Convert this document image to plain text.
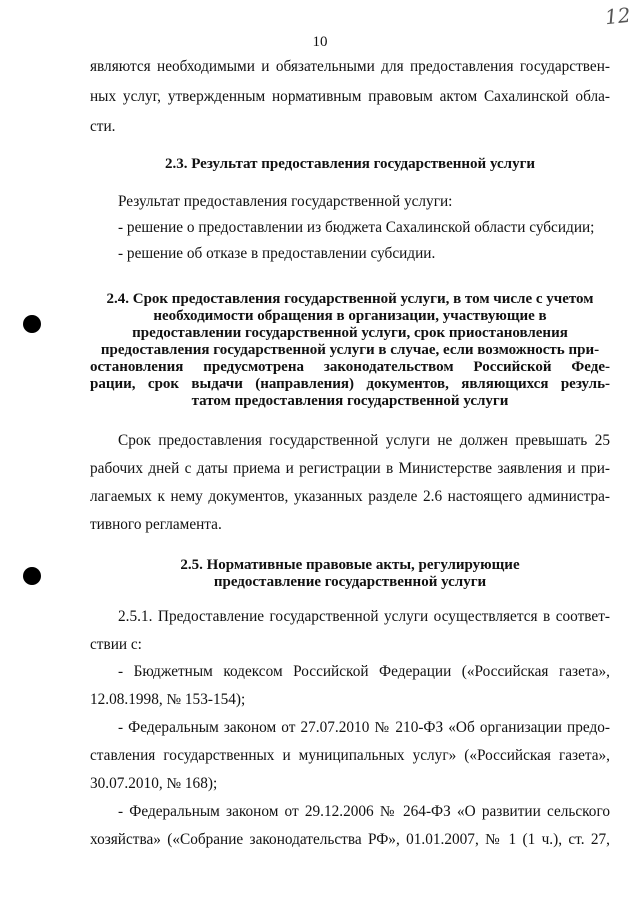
12
10
являются необходимыми и обязательными для предоставления государствен-
ных услуг, утвержденным нормативным правовым актом Сахалинской обла-
сти.
2.3. Результат предоставления государственной услуги
Результат предоставления государственной услуги:
- решение о предоставлении из бюджета Сахалинской области субсидии;
- решение об отказе в предоставлении субсидии.
2.4. Срок предоставления государственной услуги, в том числе с учетом
необходимости обращения в организации, участвующие в
предоставлении государственной услуги, срок приостановления
предоставления государственной услуги в случае, если возможность при-
остановления предусмотрена законодательством Российской Феде-
рации, срок выдачи (направления) документов, являющихся резуль-
татом предоставления государственной услуги
Срок предоставления государственной услуги не должен превышать 25
рабочих дней с даты приема и регистрации в Министерстве заявления и при-
лагаемых к нему документов, указанных разделе 2.6 настоящего администра-
тивного регламента.
2.5. Нормативные правовые акты, регулирующие
предоставление государственной услуги
2.5.1. Предоставление государственной услуги осуществляется в соответ-
ствии с:
- Бюджетным кодексом Российской Федерации («Российская газета»,
12.08.1998, № 153-154);
- Федеральным законом от 27.07.2010 № 210-ФЗ «Об организации предо-
ставления государственных и муниципальных услуг» («Российская газета»,
30.07.2010, № 168);
- Федеральным законом от 29.12.2006 № 264-ФЗ «О развитии сельского
хозяйства» («Собрание законодательства РФ», 01.01.2007, № 1 (1 ч.), ст. 27,
